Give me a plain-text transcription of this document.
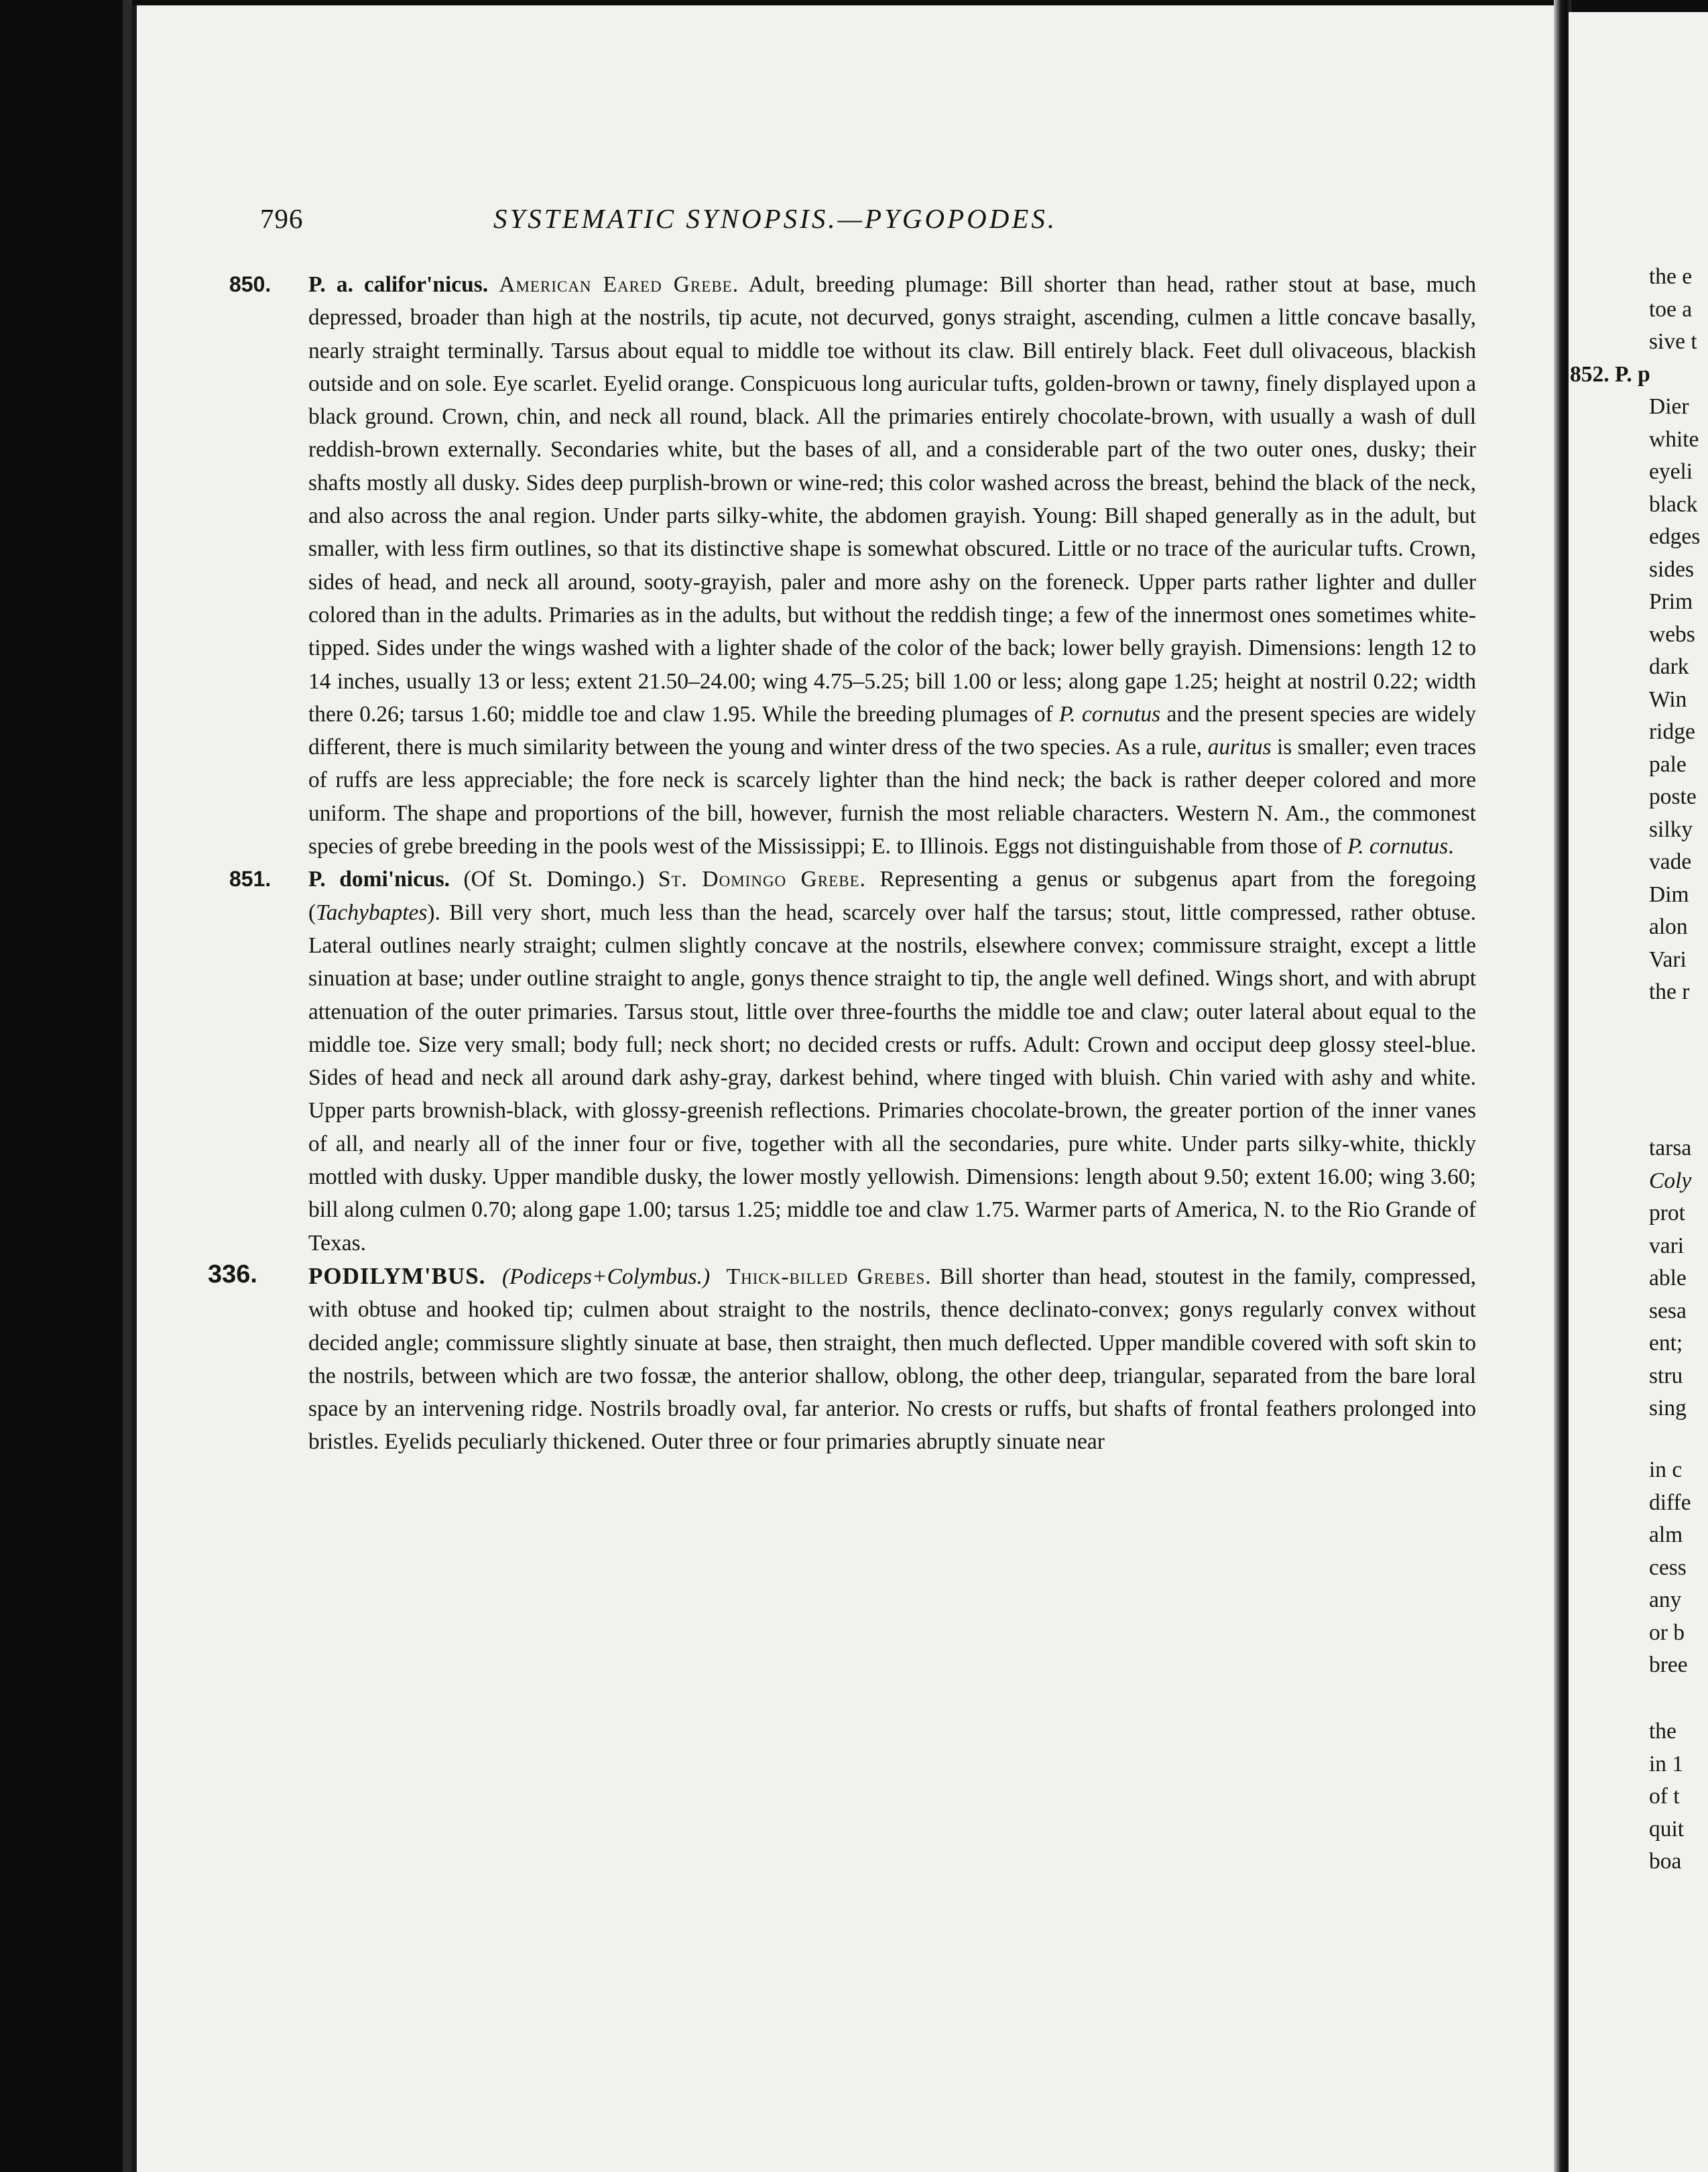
796	SYSTEMATIC SYNOPSIS.—PYGOPODES.

850. P. a. califor'nicus. American Eared Grebe. Adult, breeding plumage: Bill shorter than head, rather stout at base, much depressed, broader than high at the nostrils, tip acute, not decurved, gonys straight, ascending, culmen a little concave basally, nearly straight terminally. Tarsus about equal to middle toe without its claw. Bill entirely black. Feet dull olivaceous, blackish outside and on sole. Eye scarlet. Eyelid orange. Conspicuous long auricular tufts, golden-brown or tawny, finely displayed upon a black ground. Crown, chin, and neck all round, black. All the primaries entirely chocolate-brown, with usually a wash of dull reddish-brown externally. Secondaries white, but the bases of all, and a considerable part of the two outer ones, dusky; their shafts mostly all dusky. Sides deep purplish-brown or wine-red; this color washed across the breast, behind the black of the neck, and also across the anal region. Under parts silky-white, the abdomen grayish. Young: Bill shaped generally as in the adult, but smaller, with less firm outlines, so that its distinctive shape is somewhat obscured. Little or no trace of the auricular tufts. Crown, sides of head, and neck all around, sooty-grayish, paler and more ashy on the foreneck. Upper parts rather lighter and duller colored than in the adults. Primaries as in the adults, but without the reddish tinge; a few of the innermost ones sometimes white-tipped. Sides under the wings washed with a lighter shade of the color of the back; lower belly grayish. Dimensions: length 12 to 14 inches, usually 13 or less; extent 21.50–24.00; wing 4.75–5.25; bill 1.00 or less; along gape 1.25; height at nostril 0.22; width there 0.26; tarsus 1.60; middle toe and claw 1.95. While the breeding plumages of P. cornutus and the present species are widely different, there is much similarity between the young and winter dress of the two species. As a rule, auritus is smaller; even traces of ruffs are less appreciable; the fore neck is scarcely lighter than the hind neck; the back is rather deeper colored and more uniform. The shape and proportions of the bill, however, furnish the most reliable characters. Western N. Am., the commonest species of grebe breeding in the pools west of the Mississippi; E. to Illinois. Eggs not distinguishable from those of P. cornutus.

851. P. domi'nicus. (Of St. Domingo.) St. Domingo Grebe. Representing a genus or subgenus apart from the foregoing (Tachybaptes). Bill very short, much less than the head, scarcely over half the tarsus; stout, little compressed, rather obtuse. Lateral outlines nearly straight; culmen slightly concave at the nostrils, elsewhere convex; commissure straight, except a little sinuation at base; under outline straight to angle, gonys thence straight to tip, the angle well defined. Wings short, and with abrupt attenuation of the outer primaries. Tarsus stout, little over three-fourths the middle toe and claw; outer lateral about equal to the middle toe. Size very small; body full; neck short; no decided crests or ruffs. Adult: Crown and occiput deep glossy steel-blue. Sides of head and neck all around dark ashy-gray, darkest behind, where tinged with bluish. Chin varied with ashy and white. Upper parts brownish-black, with glossy-greenish reflections. Primaries chocolate-brown, the greater portion of the inner vanes of all, and nearly all of the inner four or five, together with all the secondaries, pure white. Under parts silky-white, thickly mottled with dusky. Upper mandible dusky, the lower mostly yellowish. Dimensions: length about 9.50; extent 16.00; wing 3.60; bill along culmen 0.70; along gape 1.00; tarsus 1.25; middle toe and claw 1.75. Warmer parts of America, N. to the Rio Grande of Texas.

336. PODILYM'BUS. (Podiceps+Colymbus.) Thick-billed Grebes. Bill shorter than head, stoutest in the family, compressed, with obtuse and hooked tip; culmen about straight to the nostrils, thence declinato-convex; gonys regularly convex without decided angle; commissure slightly sinuate at base, then straight, then much deflected. Upper mandible covered with soft skin to the nostrils, between which are two fossæ, the anterior shallow, oblong, the other deep, triangular, separated from the bare loral space by an intervening ridge. Nostrils broadly oval, far anterior. No crests or ruffs, but shafts of frontal feathers prolonged into bristles. Eyelids peculiarly thickened. Outer three or four primaries abruptly sinuate near

the e
toe a
sive t
852. P. p
Dier
white
eyeli
black
edges
sides
Prim
webs
dark
Win
ridge
pale
poste
silky
vade
Dim
alon
Vari
the r
tarsa
Coly
prot
vari
able
sesa
ent;
stru
sing
in c
diffe
alm
cess
any
or b
bree
the
in 1
of t
quit
boa
